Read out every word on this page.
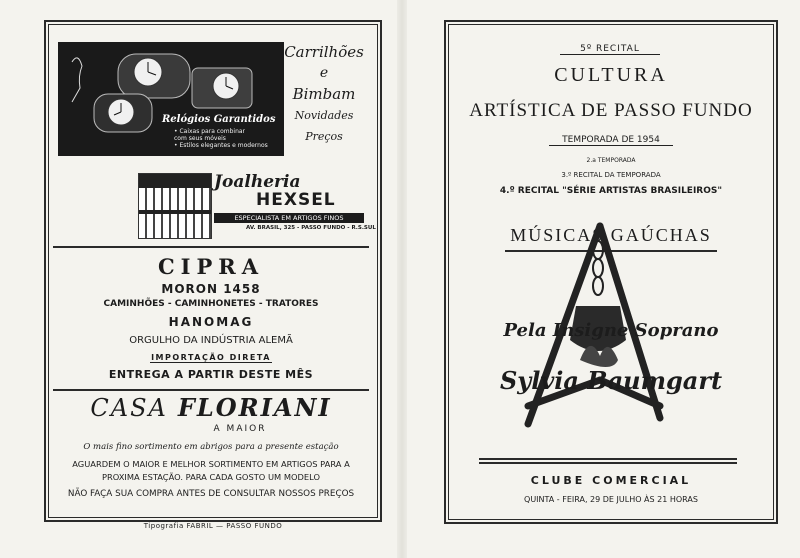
Relógios Garantidos
• Caixas para combinar
com seus móveis
• Estilos elegantes e modernos
Carrilhões
e
Bimbam
Novidades
Preços
Joalheria
HEXSEL
ESPECIALISTA EM ARTIGOS FINOS
AV. BRASIL, 325 - PASSO FUNDO - R.S.SUL
CIPRA
MORON 1458
CAMINHÕES - CAMINHONETES - TRATORES
HANOMAG
ORGULHO DA INDÚSTRIA ALEMÃ
IMPORTAÇÃO DIRETA
ENTREGA A PARTIR DESTE MÊS
CASA FLORIANI
A MAIOR
O mais fino sortimento em abrigos para a presente estação
AGUARDEM O MAIOR E MELHOR SORTIMENTO EM ARTIGOS PARA A
PROXIMA ESTAÇÃO. PARA CADA GOSTO UM MODELO
NÃO FAÇA SUA COMPRA ANTES DE CONSULTAR NOSSOS PREÇOS
Tipografia FABRIL — PASSO FUNDO
5º RECITAL
CULTURA
ARTÍSTICA DE PASSO FUNDO
TEMPORADA DE 1954
2.a TEMPORADA
3.º RECITAL DA TEMPORADA
4.º RECITAL "SÉRIE ARTISTAS BRASILEIROS"
MÚSICAS GAÚCHAS
Pela Insigne Soprano
Sylvia Baumgart
CLUBE COMERCIAL
QUINTA - FEIRA, 29 DE JULHO ÀS 21 HORAS
